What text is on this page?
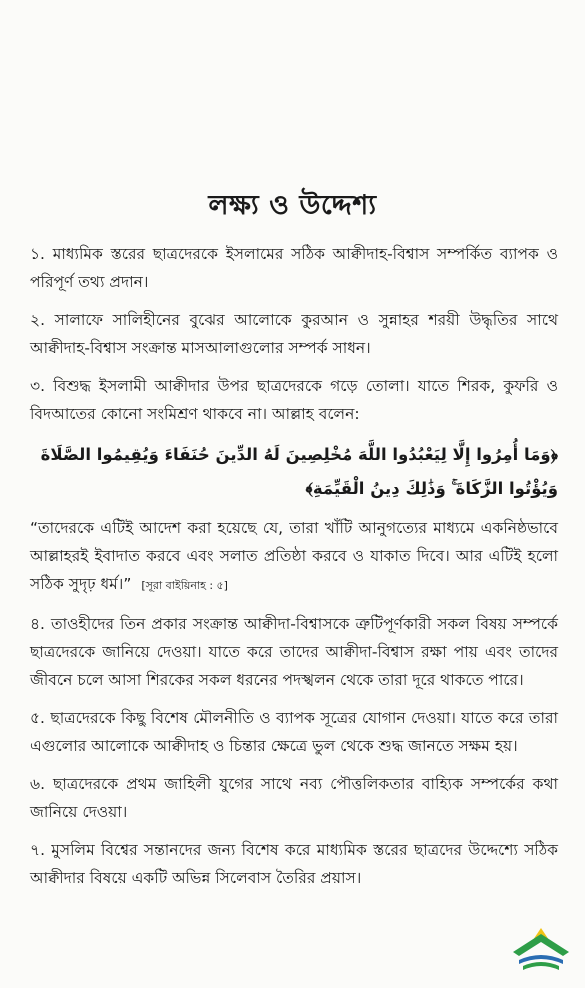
লক্ষ্য ও উদ্দেশ্য

১. মাধ্যমিক স্তরের ছাত্রদেরকে ইসলামের সঠিক আক্বীদাহ-বিশ্বাস সম্পর্কিত ব্যাপক ও পরিপূর্ণ তথ্য প্রদান।

২. সালাফে সালিহীনের বুঝের আলোকে কুরআন ও সুন্নাহর শরয়ী উদ্ধৃতির সাথে আক্বীদাহ-বিশ্বাস সংক্রান্ত মাসআলাগুলোর সম্পর্ক সাধন।

৩. বিশুদ্ধ ইসলামী আক্বীদার উপর ছাত্রদেরকে গড়ে তোলা। যাতে শিরক, কুফরি ও বিদআতের কোনো সংমিশ্রণ থাকবে না। আল্লাহ বলেন:

﴿وَمَا أُمِرُوا إِلَّا لِيَعْبُدُوا اللَّهَ مُخْلِصِينَ لَهُ الدِّينَ حُنَفَاءَ وَيُقِيمُوا الصَّلَاةَ وَيُؤْتُوا الزَّكَاةَ ۚ وَذَٰلِكَ دِينُ الْقَيِّمَةِ﴾

“তাদেরকে এটিই আদেশ করা হয়েছে যে, তারা খাঁটি আনুগত্যের মাধ্যমে একনিষ্ঠভাবে আল্লাহরই ইবাদাত করবে এবং সলাত প্রতিষ্ঠা করবে ও যাকাত দিবে। আর এটিই হলো সঠিক সুদৃঢ় ধর্ম।” [সূরা বাইয়িনাহ : ৫]

৪. তাওহীদের তিন প্রকার সংক্রান্ত আক্বীদা-বিশ্বাসকে ত্রুটিপূর্ণকারী সকল বিষয় সম্পর্কে ছাত্রদেরকে জানিয়ে দেওয়া। যাতে করে তাদের আক্বীদা-বিশ্বাস রক্ষা পায় এবং তাদের জীবনে চলে আসা শিরকের সকল ধরনের পদস্খলন থেকে তারা দূরে থাকতে পারে।

৫. ছাত্রদেরকে কিছু বিশেষ মৌলনীতি ও ব্যাপক সূত্রের যোগান দেওয়া। যাতে করে তারা এগুলোর আলোকে আক্বীদাহ ও চিন্তার ক্ষেত্রে ভুল থেকে শুদ্ধ জানতে সক্ষম হয়।

৬. ছাত্রদেরকে প্রথম জাহিলী যুগের সাথে নব্য পৌত্তলিকতার বাহ্যিক সম্পর্কের কথা জানিয়ে দেওয়া।

৭. মুসলিম বিশ্বের সন্তানদের জন্য বিশেষ করে মাধ্যমিক স্তরের ছাত্রদের উদ্দেশ্যে সঠিক আক্বীদার বিষয়ে একটি অভিন্ন সিলেবাস তৈরির প্রয়াস।
